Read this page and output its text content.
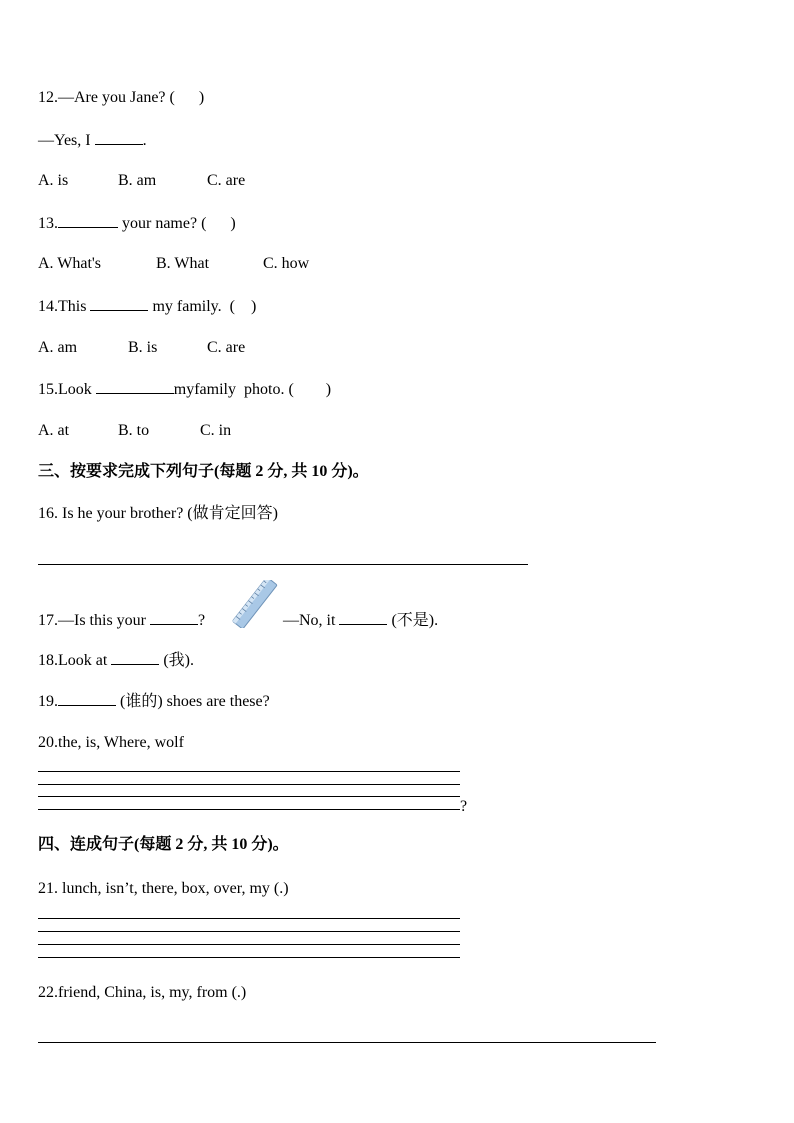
12.—Are you Jane? (      )
—Yes, I	.
A. is	B. am	C. are
13.	your name? (      )
A. What's	B. What	C. how
14.This	my family.  (    )
A. am	B. is	C. are
15.Look	myfamily  photo. (        )
A. at	B. to	C. in
三、按要求完成下列句子(每题 2 分, 共 10 分)。
16. Is he your brother? (做肯定回答)
17.—Is this your	?	—No, it	(不是).
18.Look at	(我).
19.	(谁的) shoes are these?
20.the, is, Where, wolf
?
四、连成句子(每题 2 分, 共 10 分)。
21. lunch, isn’t, there, box, over, my (.)
22.friend, China, is, my, from (.)
